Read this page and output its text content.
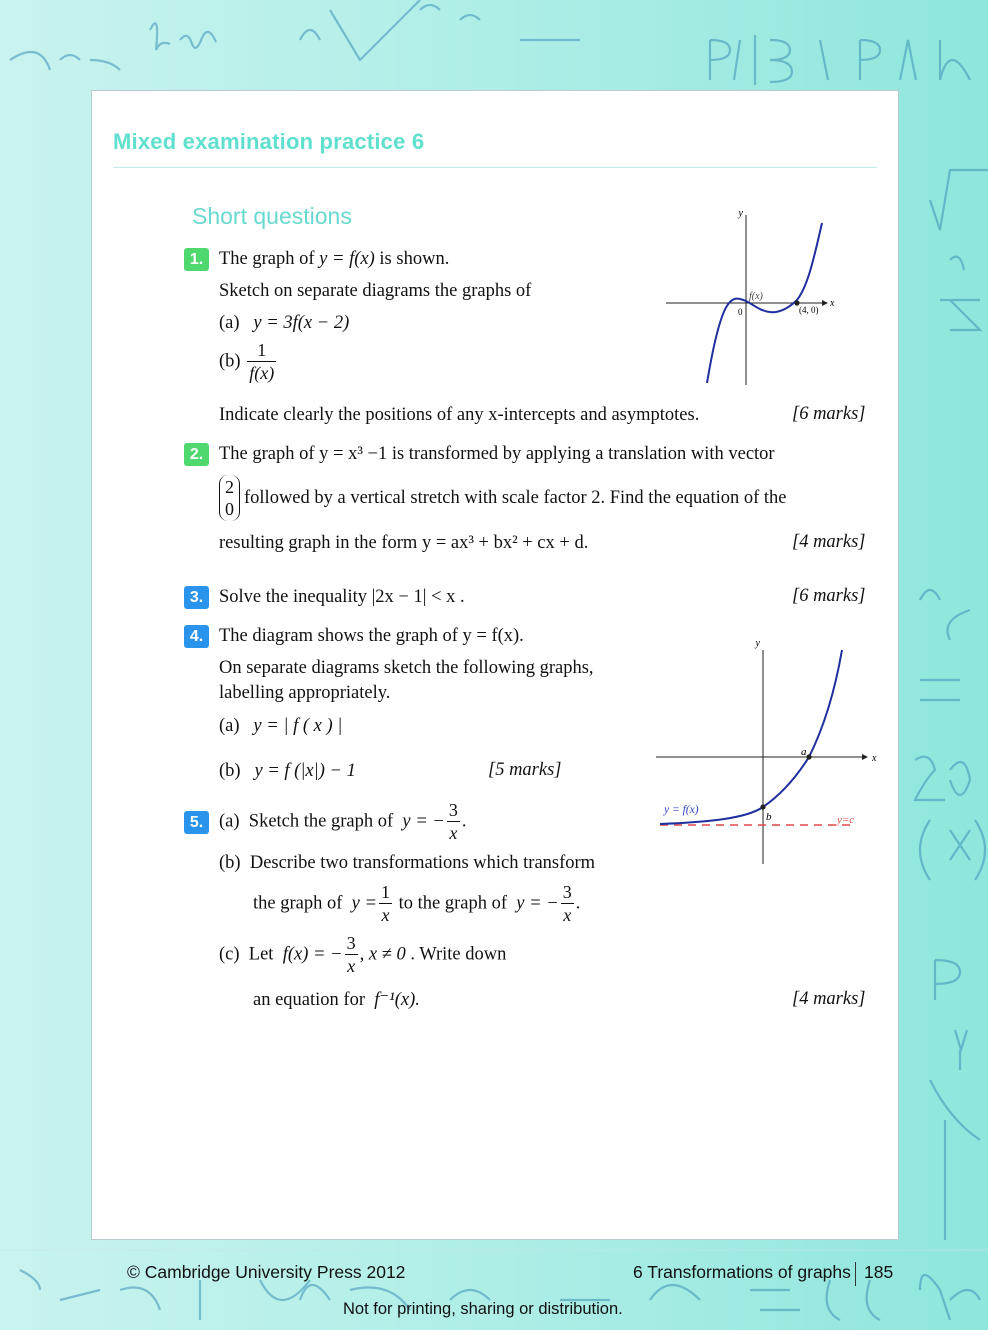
Mixed examination practice 6
Short questions
1. The graph of y = f(x) is shown.
Sketch on separate diagrams the graphs of
(a) y = 3f(x − 2)
$(b) \frac{1}{f(x)}$
Indicate clearly the positions of any x-intercepts and asymptotes.	[6 marks]
y
x
f(x)
0	(4, 0)
2. The graph of y = x³ −1 is transformed by applying a translation with vector
2
0
followed by a vertical stretch with scale factor 2. Find the equation of the
resulting graph in the form y = ax³ + bx² + cx + d.	[4 marks]
3. Solve the inequality |2x − 1| < x .	[6 marks]
4. The diagram shows the graph of y = f(x).
On separate diagrams sketch the following graphs,
labelling appropriately.
(a) y = | f ( x ) |
(b) y = f (|x|) − 1	[5 marks]
y
x
a
b
y = f(x)
y=c
5. (a) Sketch the graph of y = − $\frac{3}{x}$ .
(b) Describe two transformations which transform
the graph of $y = \frac{1}{x}$ to the graph of y = − $\frac{3}{x}$ .
(c) Let f(x) = − $\frac{3}{x}$ , x ≠ 0 . Write down
an equation for f⁻¹(x).	[4 marks]
© Cambridge University Press 2012	6 Transformations of graphs 185
Not for printing, sharing or distribution.
